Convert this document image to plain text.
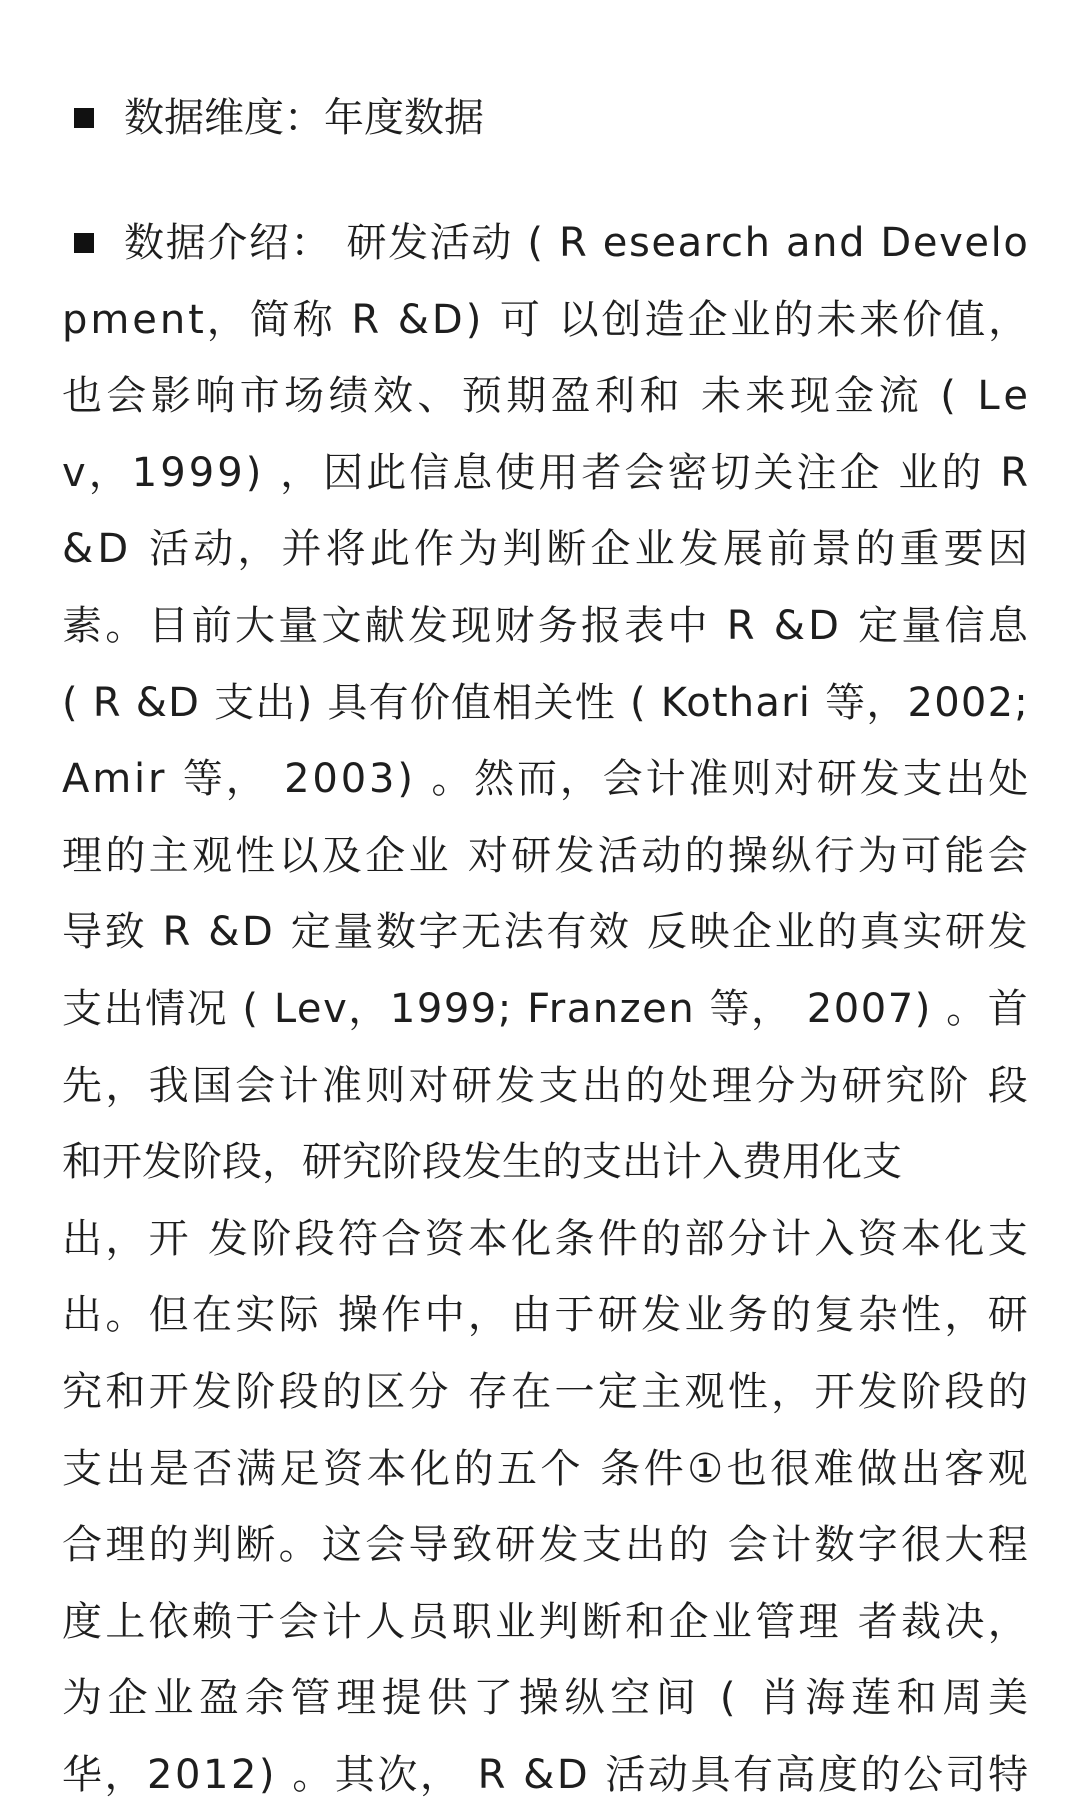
数据维度：年度数据
数据介绍： 研发活动 ( R esearch and Develo
pment，简称 R &D) 可 以创造企业的未来价值，
也会影响市场绩效、预期盈利和 未来现金流 ( Le
v，1999) ，因此信息使用者会密切关注企 业的 R
&D 活动，并将此作为判断企业发展前景的重要因
素。目前大量文献发现财务报表中 R &D 定量信息
( R &D 支出) 具有价值相关性 ( Kothari 等，2002;
Amir 等， 2003) 。然而，会计准则对研发支出处
理的主观性以及企业 对研发活动的操纵行为可能会
导致 R &D 定量数字无法有效 反映企业的真实研发
支出情况 ( Lev，1999; Franzen 等， 2007) 。首
先，我国会计准则对研发支出的处理分为研究阶 段
和开发阶段，研究阶段发生的支出计入费用化支
出，开 发阶段符合资本化条件的部分计入资本化支
出。但在实际 操作中，由于研发业务的复杂性，研
究和开发阶段的区分 存在一定主观性，开发阶段的
支出是否满足资本化的五个 条件①也很难做出客观
合理的判断。这会导致研发支出的 会计数字很大程
度上依赖于会计人员职业判断和企业管理 者裁决，
为企业盈余管理提供了操纵空间 ( 肖海莲和周美
华，2012) 。其次， R &D 活动具有高度的公司特
